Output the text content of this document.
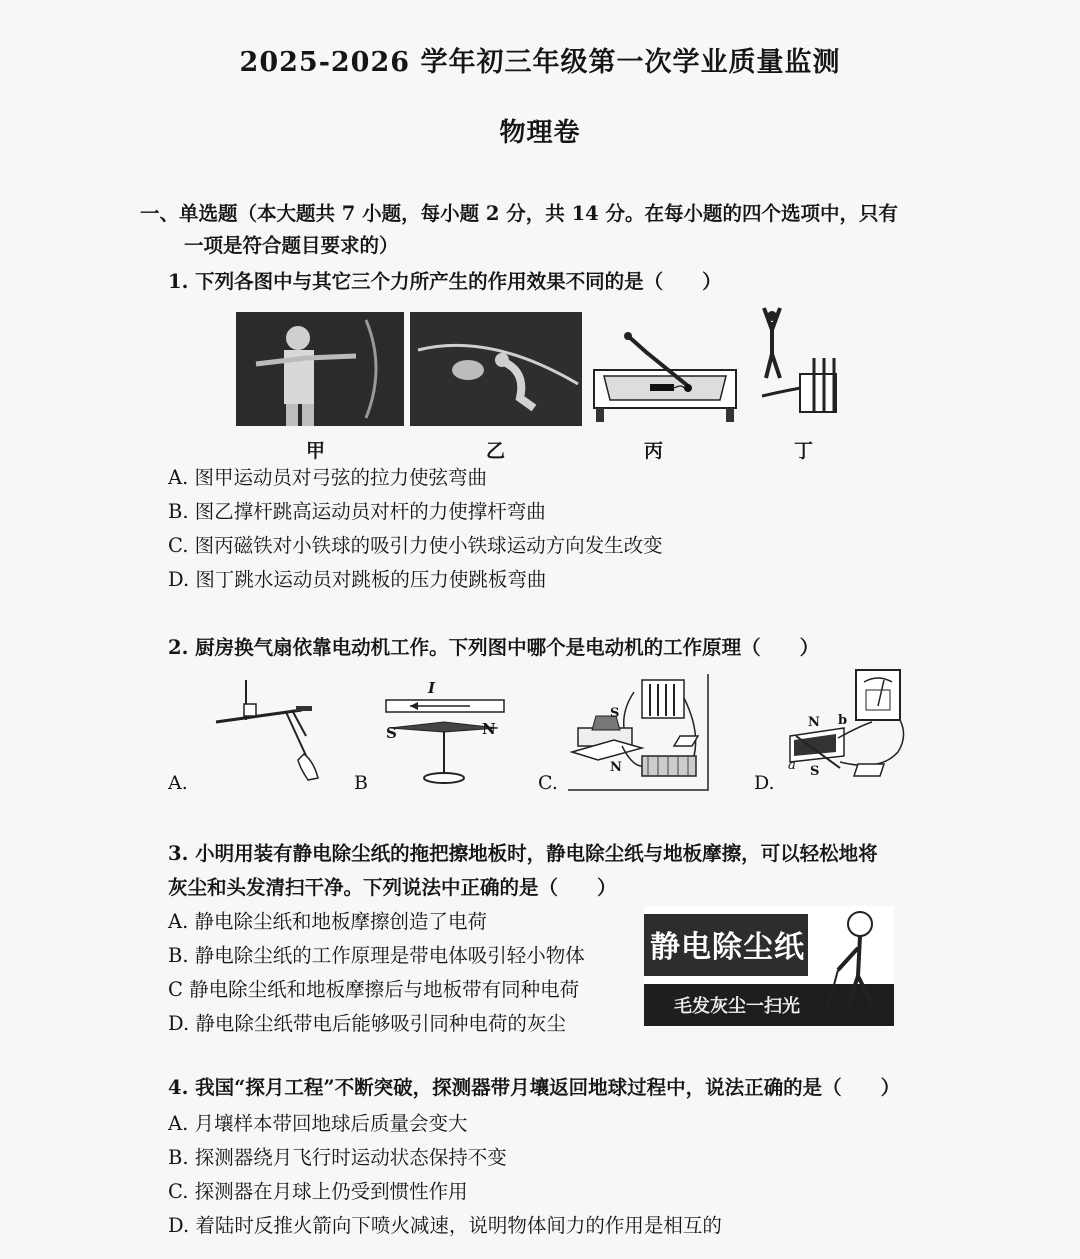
2025-2026 学年初三年级第一次学业质量监测
物理卷
一、单选题（本大题共 7 小题，每小题 2 分，共 14 分。在每小题的四个选项中，只有
一项是符合题目要求的）
1. 下列各图中与其它三个力所产生的作用效果不同的是（　　）
甲	乙	丙	丁
A. 图甲运动员对弓弦的拉力使弦弯曲
B. 图乙撑杆跳高运动员对杆的力使撑杆弯曲
C. 图丙磁铁对小铁球的吸引力使小铁球运动方向发生改变
D. 图丁跳水运动员对跳板的压力使跳板弯曲
2. 厨房换气扇依靠电动机工作。下列图中哪个是电动机的工作原理（　　）
A.
I
S	N
B
S
N
C.
N b
a S
D.
3. 小明用装有静电除尘纸的拖把擦地板时，静电除尘纸与地板摩擦，可以轻松地将
灰尘和头发清扫干净。下列说法中正确的是（　　）
A. 静电除尘纸和地板摩擦创造了电荷
B. 静电除尘纸的工作原理是带电体吸引轻小物体
C 静电除尘纸和地板摩擦后与地板带有同种电荷
D. 静电除尘纸带电后能够吸引同种电荷的灰尘
静电除尘纸
毛发灰尘一扫光
4. 我国“探月工程”不断突破，探测器带月壤返回地球过程中，说法正确的是（　　）
A. 月壤样本带回地球后质量会变大
B. 探测器绕月飞行时运动状态保持不变
C. 探测器在月球上仍受到惯性作用
D. 着陆时反推火箭向下喷火减速，说明物体间力的作用是相互的
